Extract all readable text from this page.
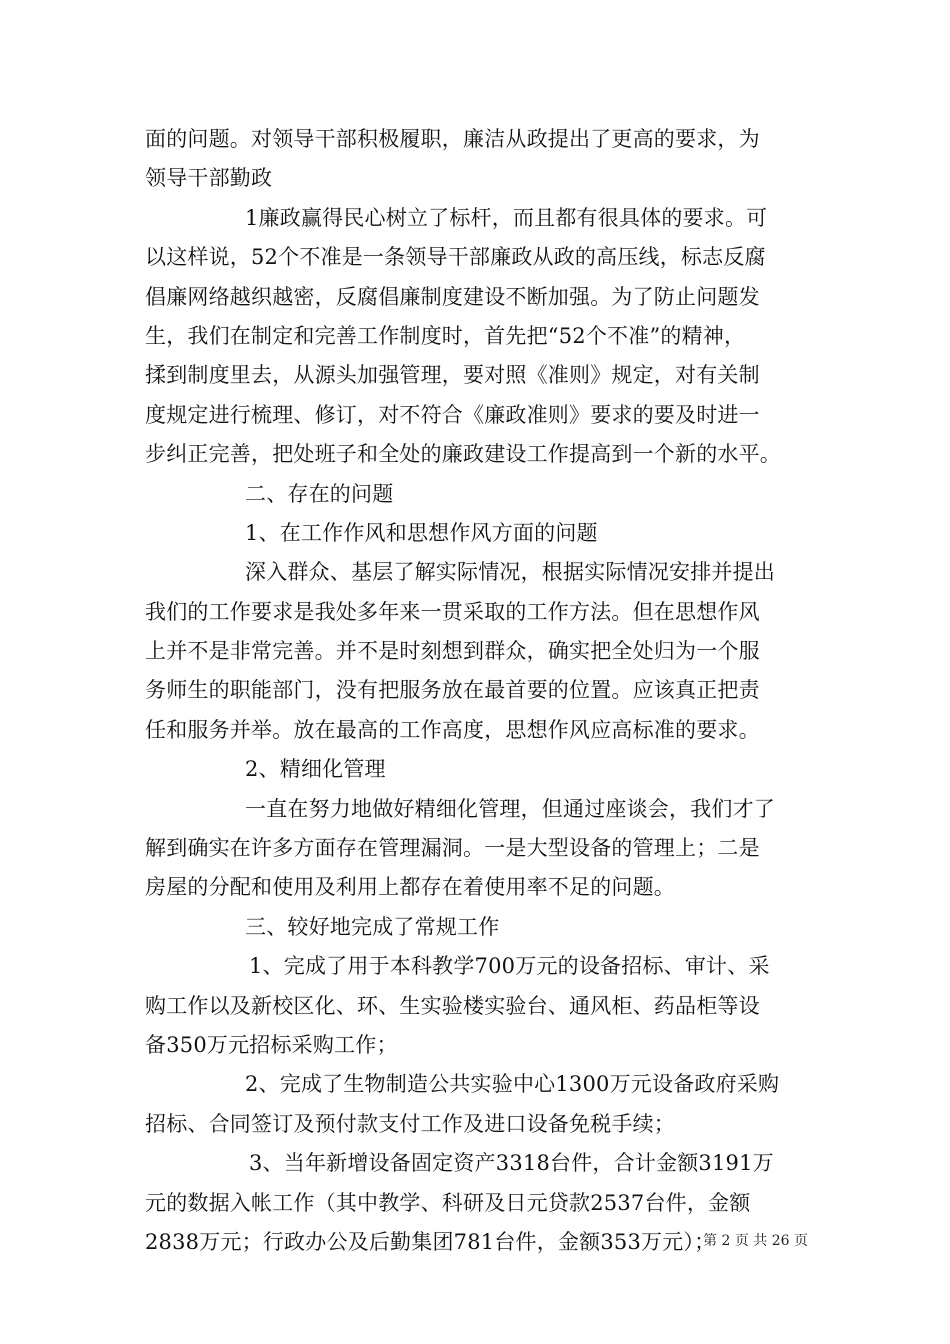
面的问题。对领导干部积极履职，廉洁从政提出了更高的要求，为
领导干部勤政
1廉政赢得民心树立了标杆，而且都有很具体的要求。可
以这样说，52个不准是一条领导干部廉政从政的高压线，标志反腐
倡廉网络越织越密，反腐倡廉制度建设不断加强。为了防止问题发
生，我们在制定和完善工作制度时，首先把“52个不准”的精神，
揉到制度里去，从源头加强管理，要对照《准则》规定，对有关制
度规定进行梳理、修订，对不符合《廉政准则》要求的要及时进一
步纠正完善，把处班子和全处的廉政建设工作提高到一个新的水平。
二、存在的问题
1、在工作作风和思想作风方面的问题
深入群众、基层了解实际情况，根据实际情况安排并提出
我们的工作要求是我处多年来一贯采取的工作方法。但在思想作风
上并不是非常完善。并不是时刻想到群众，确实把全处归为一个服
务师生的职能部门，没有把服务放在最首要的位置。应该真正把责
任和服务并举。放在最高的工作高度，思想作风应高标准的要求。
2、精细化管理
一直在努力地做好精细化管理，但通过座谈会，我们才了
解到确实在许多方面存在管理漏洞。一是大型设备的管理上；二是
房屋的分配和使用及利用上都存在着使用率不足的问题。
三、较好地完成了常规工作
1、完成了用于本科教学700万元的设备招标、审计、采
购工作以及新校区化、环、生实验楼实验台、通风柜、药品柜等设
备350万元招标采购工作；
2、完成了生物制造公共实验中心1300万元设备政府采购
招标、合同签订及预付款支付工作及进口设备免税手续；
3、当年新增设备固定资产3318台件，合计金额3191万
元的数据入帐工作（其中教学、科研及日元贷款2537台件，金额
2838万元；行政办公及后勤集团781台件，金额353万元）；
第 2 页 共 26 页
